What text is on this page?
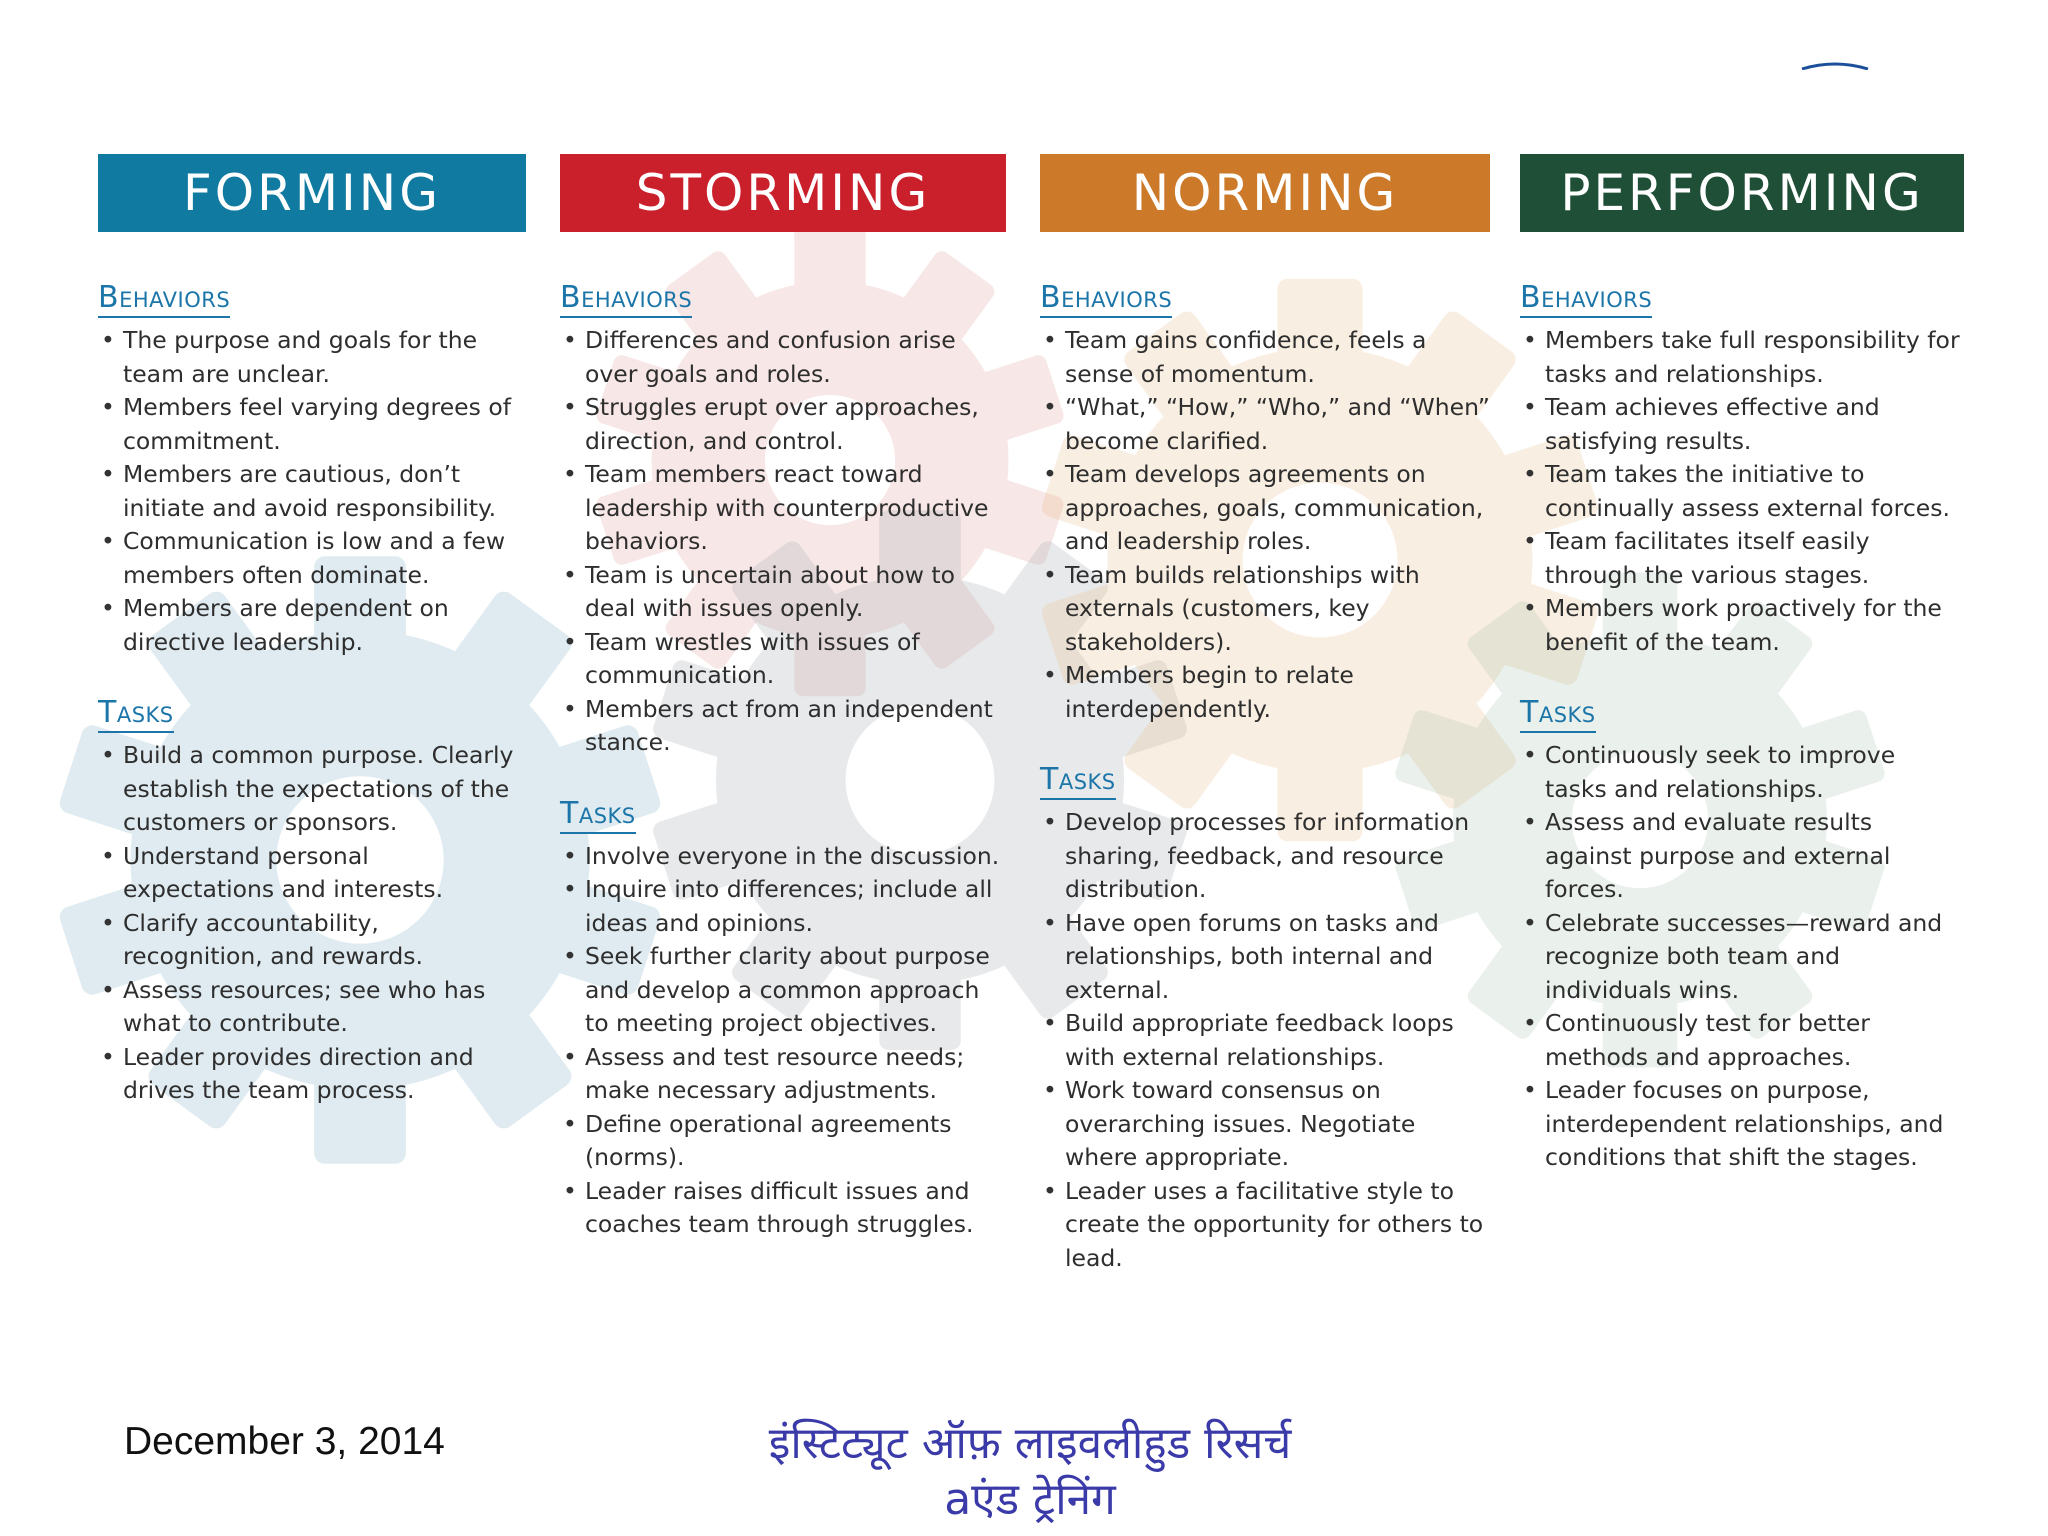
FORMING
Behaviors
• The purpose and goals for the team are unclear.
• Members feel varying degrees of commitment.
• Members are cautious, don’t initiate and avoid responsibility.
• Communication is low and a few members often dominate.
• Members are dependent on directive leadership.
Tasks
• Build a common purpose. Clearly establish the expectations of the customers or sponsors.
• Understand personal expectations and interests.
• Clarify accountability, recognition, and rewards.
• Assess resources; see who has what to contribute.
• Leader provides direction and drives the team process.
STORMING
Behaviors
• Differences and confusion arise over goals and roles.
• Struggles erupt over approaches, direction, and control.
• Team members react toward leadership with counterproductive behaviors.
• Team is uncertain about how to deal with issues openly.
• Team wrestles with issues of communication.
• Members act from an independent stance.
Tasks
• Involve everyone in the discussion.
• Inquire into differences; include all ideas and opinions.
• Seek further clarity about purpose and develop a common approach to meeting project objectives.
• Assess and test resource needs; make necessary adjustments.
• Define operational agreements (norms).
• Leader raises difficult issues and coaches team through struggles.
NORMING
Behaviors
• Team gains confidence, feels a sense of momentum.
• “What,” “How,” “Who,” and “When” become clarified.
• Team develops agreements on approaches, goals, communication, and leadership roles.
• Team builds relationships with externals (customers, key stakeholders).
• Members begin to relate interdependently.
Tasks
• Develop processes for information sharing, feedback, and resource distribution.
• Have open forums on tasks and relationships, both internal and external.
• Build appropriate feedback loops with external relationships.
• Work toward consensus on overarching issues. Negotiate where appropriate.
• Leader uses a facilitative style to create the opportunity for others to lead.
PERFORMING
Behaviors
• Members take full responsibility for tasks and relationships.
• Team achieves effective and satisfying results.
• Team takes the initiative to continually assess external forces.
• Team facilitates itself easily through the various stages.
• Members work proactively for the benefit of the team.
Tasks
• Continuously seek to improve tasks and relationships.
• Assess and evaluate results against purpose and external forces.
• Celebrate successes—reward and recognize both team and individuals wins.
• Continuously test for better methods and approaches.
• Leader focuses on purpose, interdependent relationships, and conditions that shift the stages.
December 3, 2014	इंस्टिट्यूट ऑफ़ लाइवलीहुड रिसर्च
aएंड ट्रेनिंग
